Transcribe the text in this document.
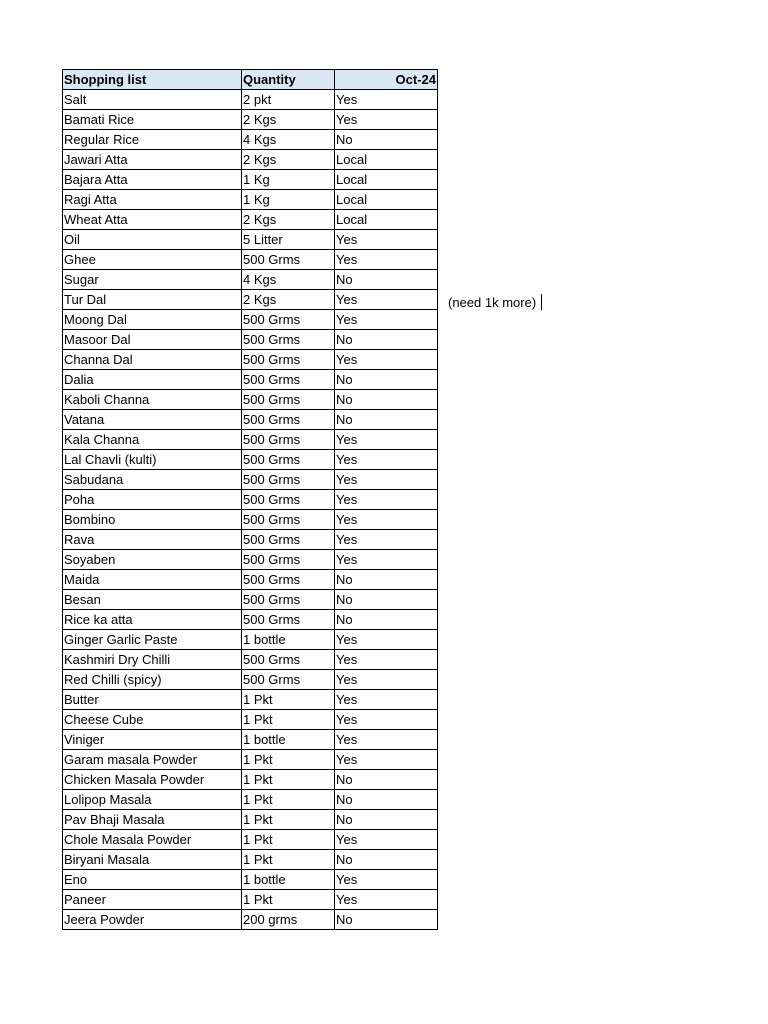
Shopping list	Quantity	Oct-24
Salt	2 pkt	Yes
Bamati Rice	2 Kgs	Yes
Regular Rice	4 Kgs	No
Jawari Atta	2 Kgs	Local
Bajara Atta	1 Kg	Local
Ragi Atta	1 Kg	Local
Wheat Atta	2 Kgs	Local
Oil	5 Litter	Yes
Ghee	500 Grms	Yes
Sugar	4 Kgs	No
Tur Dal	2 Kgs	Yes
Moong Dal	500 Grms	Yes
Masoor Dal	500 Grms	No
Channa Dal	500 Grms	Yes
Dalia	500 Grms	No
Kaboli Channa	500 Grms	No
Vatana	500 Grms	No
Kala Channa	500 Grms	Yes
Lal Chavli (kulti)	500 Grms	Yes
Sabudana	500 Grms	Yes
Poha	500 Grms	Yes
Bombino	500 Grms	Yes
Rava	500 Grms	Yes
Soyaben	500 Grms	Yes
Maida	500 Grms	No
Besan	500 Grms	No
Rice ka atta	500 Grms	No
Ginger Garlic Paste	1 bottle	Yes
Kashmiri Dry Chilli	500 Grms	Yes
Red Chilli (spicy)	500 Grms	Yes
Butter	1 Pkt	Yes
Cheese Cube	1 Pkt	Yes
Viniger	1 bottle	Yes
Garam masala Powder	1 Pkt	Yes
Chicken Masala Powder	1 Pkt	No
Lolipop Masala	1 Pkt	No
Pav Bhaji Masala	1 Pkt	No
Chole Masala Powder	1 Pkt	Yes
Biryani Masala	1 Pkt	No
Eno	1 bottle	Yes
Paneer	1 Pkt	Yes
Jeera Powder	200 grms	No
(need 1k more)
